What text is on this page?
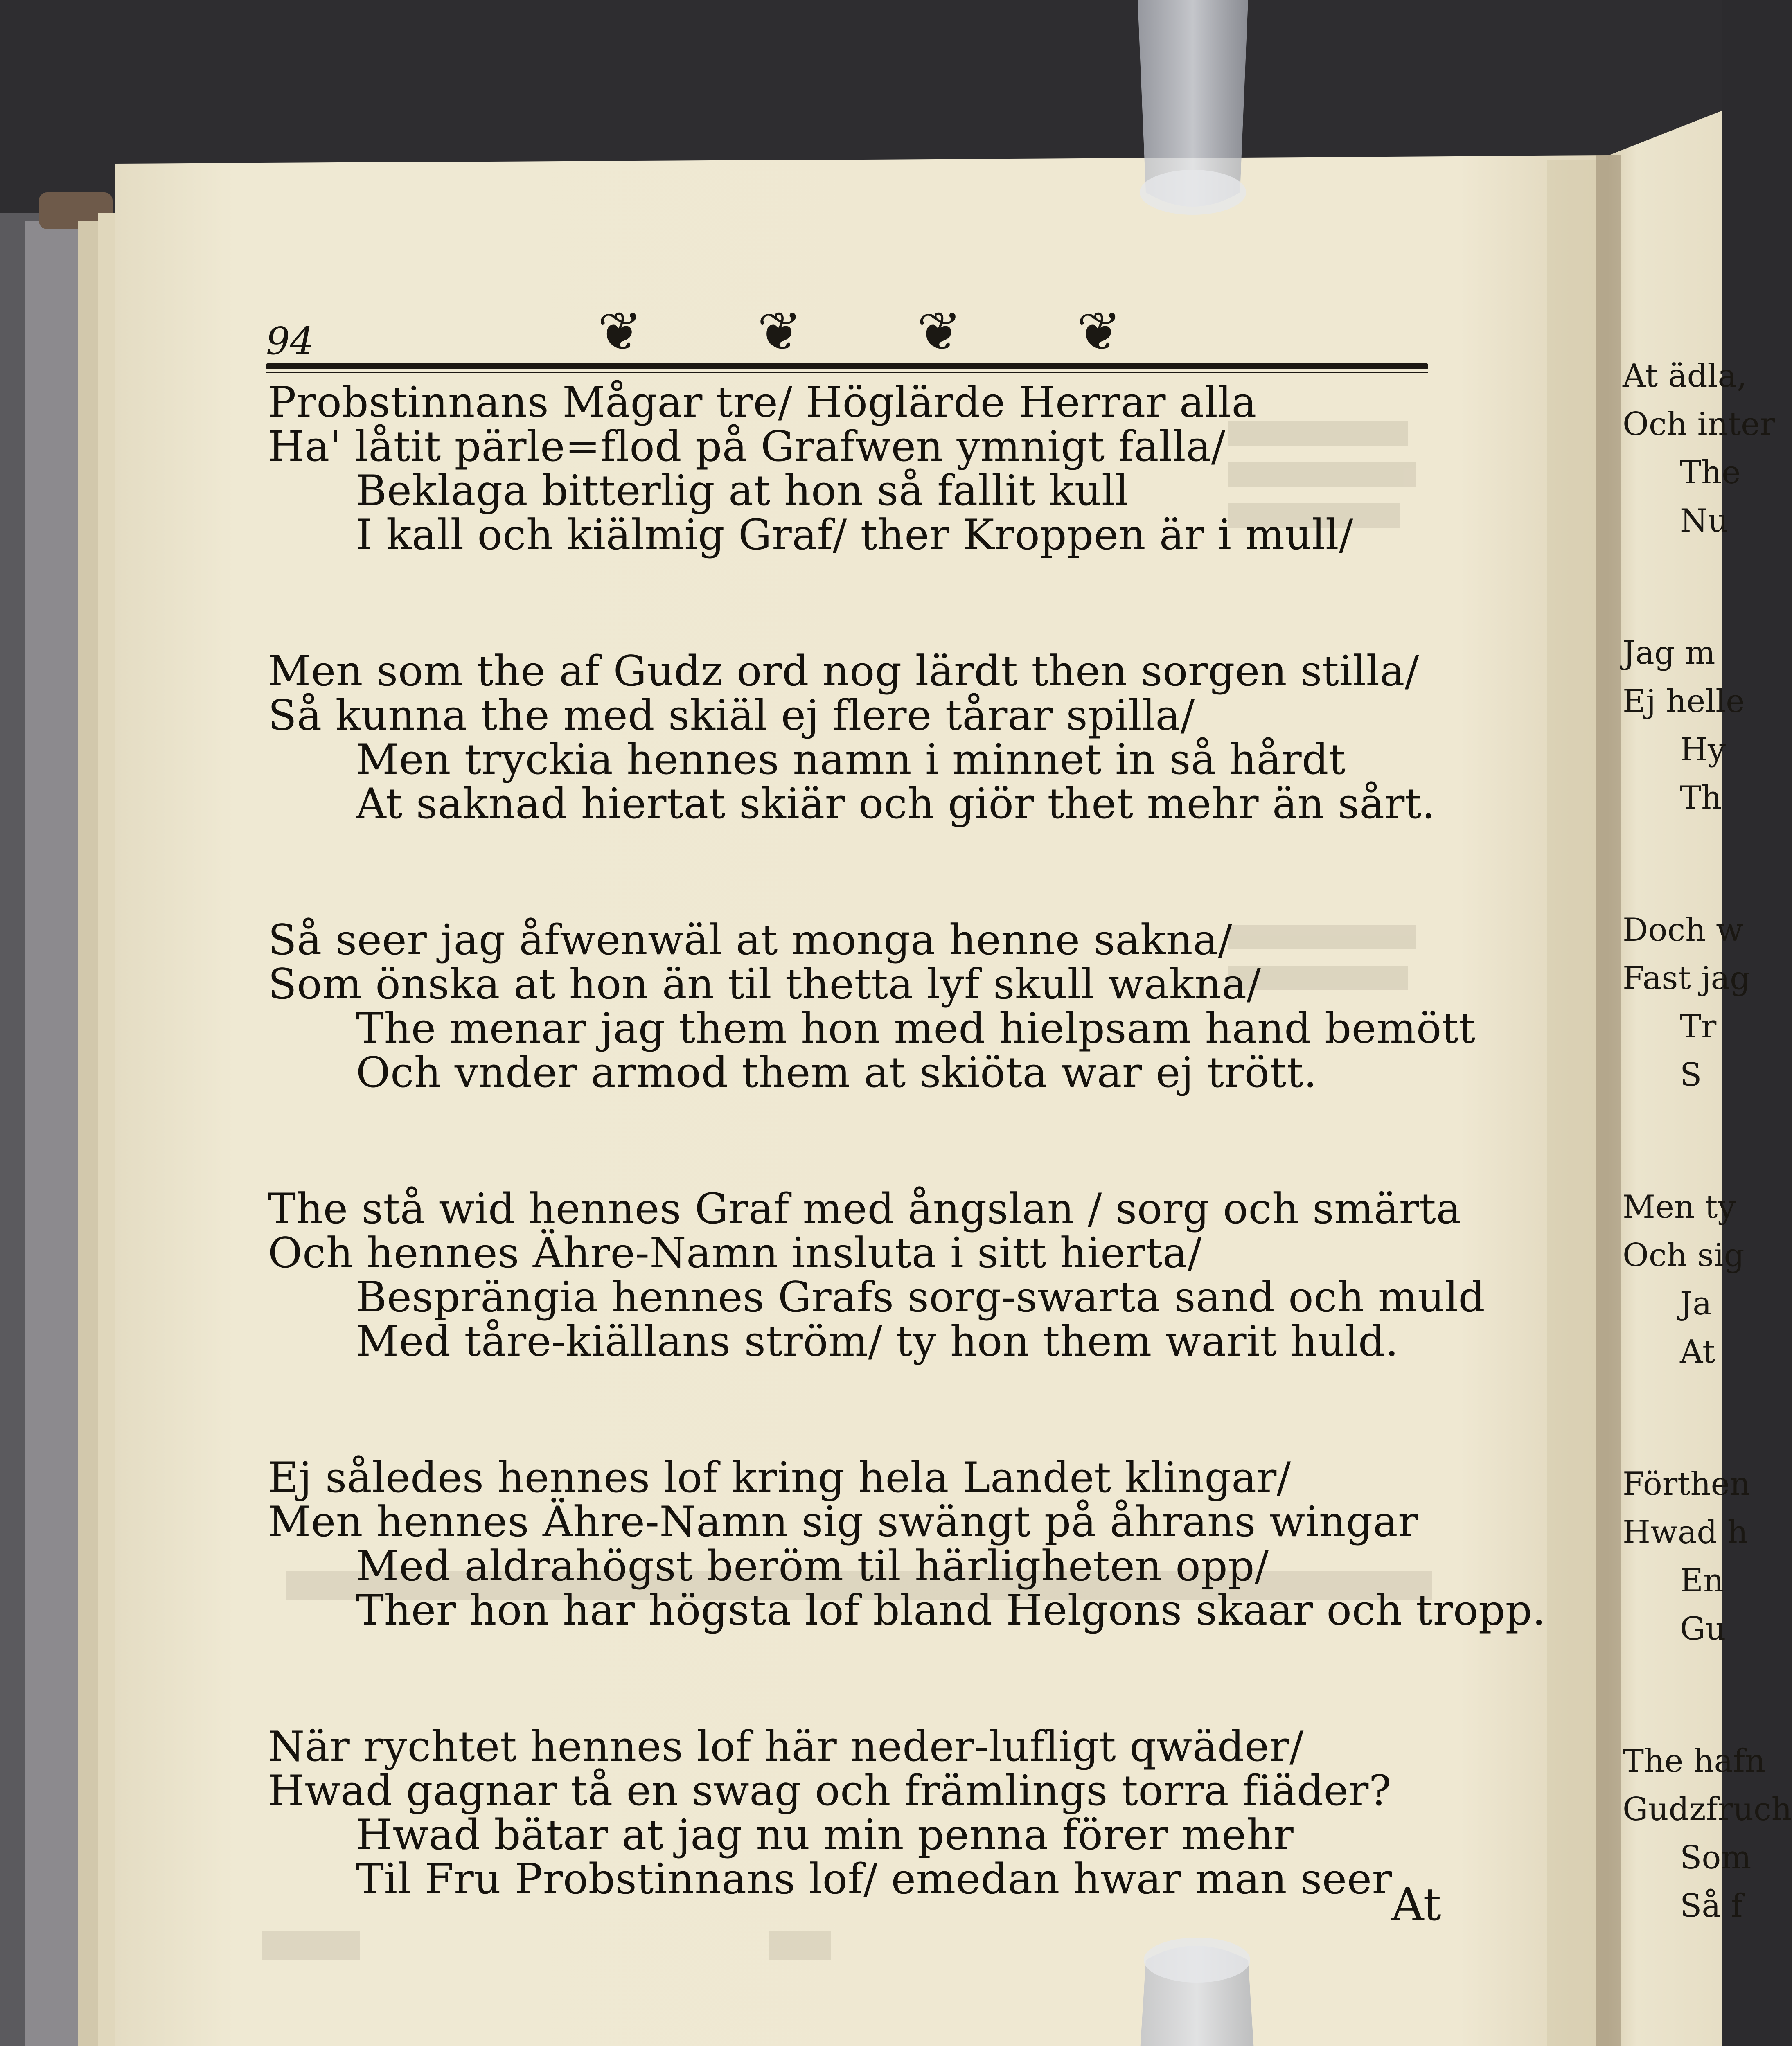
94	❦ ❦ ❦ ❦
Probstinnans Mågar tre/ Höglärde Herrar alla
Ha' låtit pärle=flod på Grafwen ymnigt falla/
Beklaga bitterlig at hon så fallit kull
I kall och kiälmig Graf/ ther Kroppen är i mull/
Men som the af Gudz ord nog lärdt then sorgen stilla/
Så kunna the med skiäl ej flere tårar spilla/
Men tryckia hennes namn i minnet in så hårdt
At saknad hiertat skiär och giör thet mehr än sårt.
Så seer jag åfwenwäl at monga henne sakna/
Som önska at hon än til thetta lyf skull wakna/
The menar jag them hon med hielpsam hand bemött
Och vnder armod them at skiöta war ej trött.
The stå wid hennes Graf med ångslan / sorg och smärta
Och hennes Ähre-Namn insluta i sitt hierta/
Besprängia hennes Grafs sorg-swarta sand och muld
Med tåre-kiällans ström/ ty hon them warit huld.
Ej således hennes lof kring hela Landet klingar/
Men hennes Ähre-Namn sig swängt på åhrans wingar
Med aldrahögst beröm til härligheten opp/
Ther hon har högsta lof bland Helgons skaar och tropp.
När rychtet hennes lof här neder-lufligt qwäder/
Hwad gagnar tå en swag och främlings torra fiäder?
Hwad bätar at jag nu min penna förer mehr
Til Fru Probstinnans lof/ emedan hwar man seer
At
At ädla,
Och inter
The
Nu
Jag m
Ej helle
Hy
Th
Doch w
Fast jag
Tr
S
Men ty
Och sig
Ja
At
Förthen
Hwad h
En
Gu
The hafn
Gudzfruch
Som
Så f
